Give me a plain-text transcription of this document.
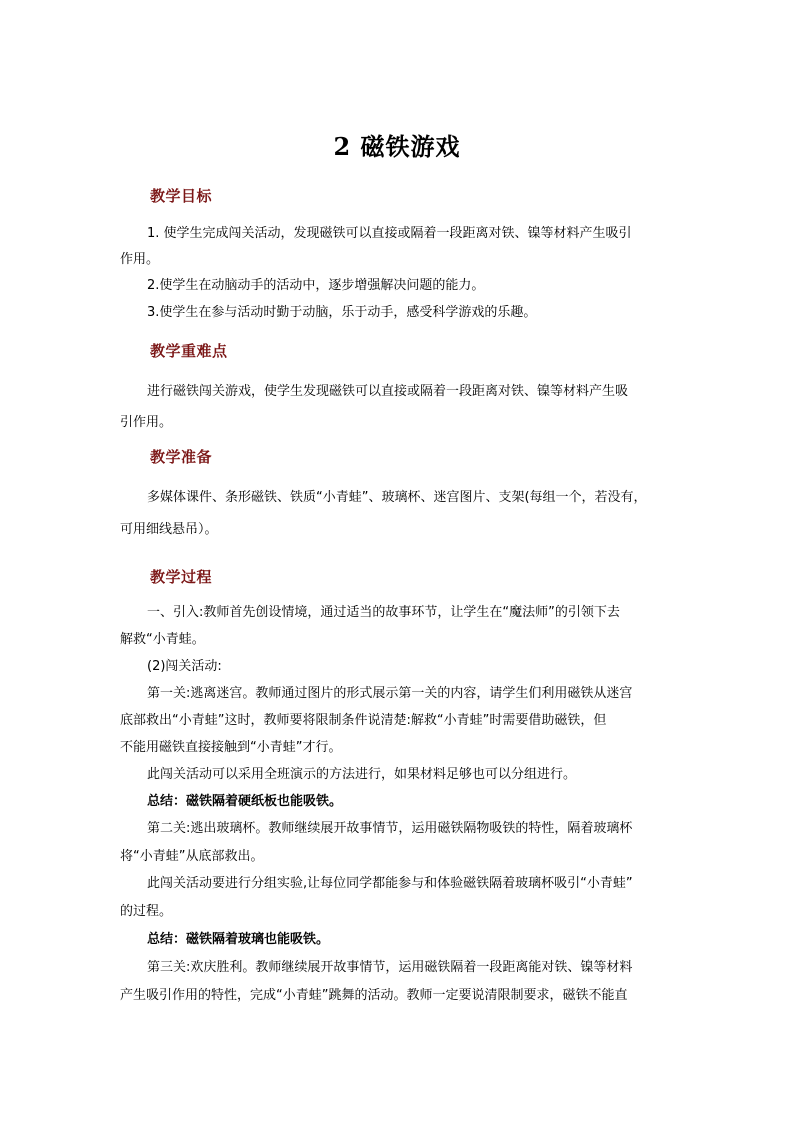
2 磁铁游戏
教学目标
1. 使学生完成闯关活动，发现磁铁可以直接或隔着一段距离对铁、镍等材料产生吸引
作用。
2.使学生在动脑动手的活动中，逐步增强解决问题的能力。
3.使学生在参与活动时勤于动脑，乐于动手，感受科学游戏的乐趣。
教学重难点
进行磁铁闯关游戏，使学生发现磁铁可以直接或隔着一段距离对铁、镍等材料产生吸
引作用。
教学准备
多媒体课件、条形磁铁、铁质“小青蛙”、玻璃杯、迷宫图片、支架(每组一个，若没有，
可用细线悬吊）。
教学过程
一、引入:教师首先创设情境，通过适当的故事环节，让学生在“魔法师”的引领下去
解救“小青蛙。
(2)闯关活动:
第一关:逃离迷宫。教师通过图片的形式展示第一关的内容，请学生们利用磁铁从迷宫
底部救出“小青蛙”这时，教师要将限制条件说清楚:解救“小青蛙”时需要借助磁铁，但
不能用磁铁直接接触到“小青蛙”才行。
此闯关活动可以采用全班演示的方法进行，如果材料足够也可以分组进行。
总结：磁铁隔着硬纸板也能吸铁。
第二关:逃出玻璃杯。教师继续展开故事情节，运用磁铁隔物吸铁的特性，隔着玻璃杯
将“小青蛙”从底部救出。
此闯关活动要进行分组实验,让每位同学都能参与和体验磁铁隔着玻璃杯吸引“小青蛙”
的过程。
总结：磁铁隔着玻璃也能吸铁。
第三关:欢庆胜利。教师继续展开故事情节，运用磁铁隔着一段距离能对铁、镍等材料
产生吸引作用的特性，完成“小青蛙”跳舞的活动。教师一定要说清限制要求，磁铁不能直
